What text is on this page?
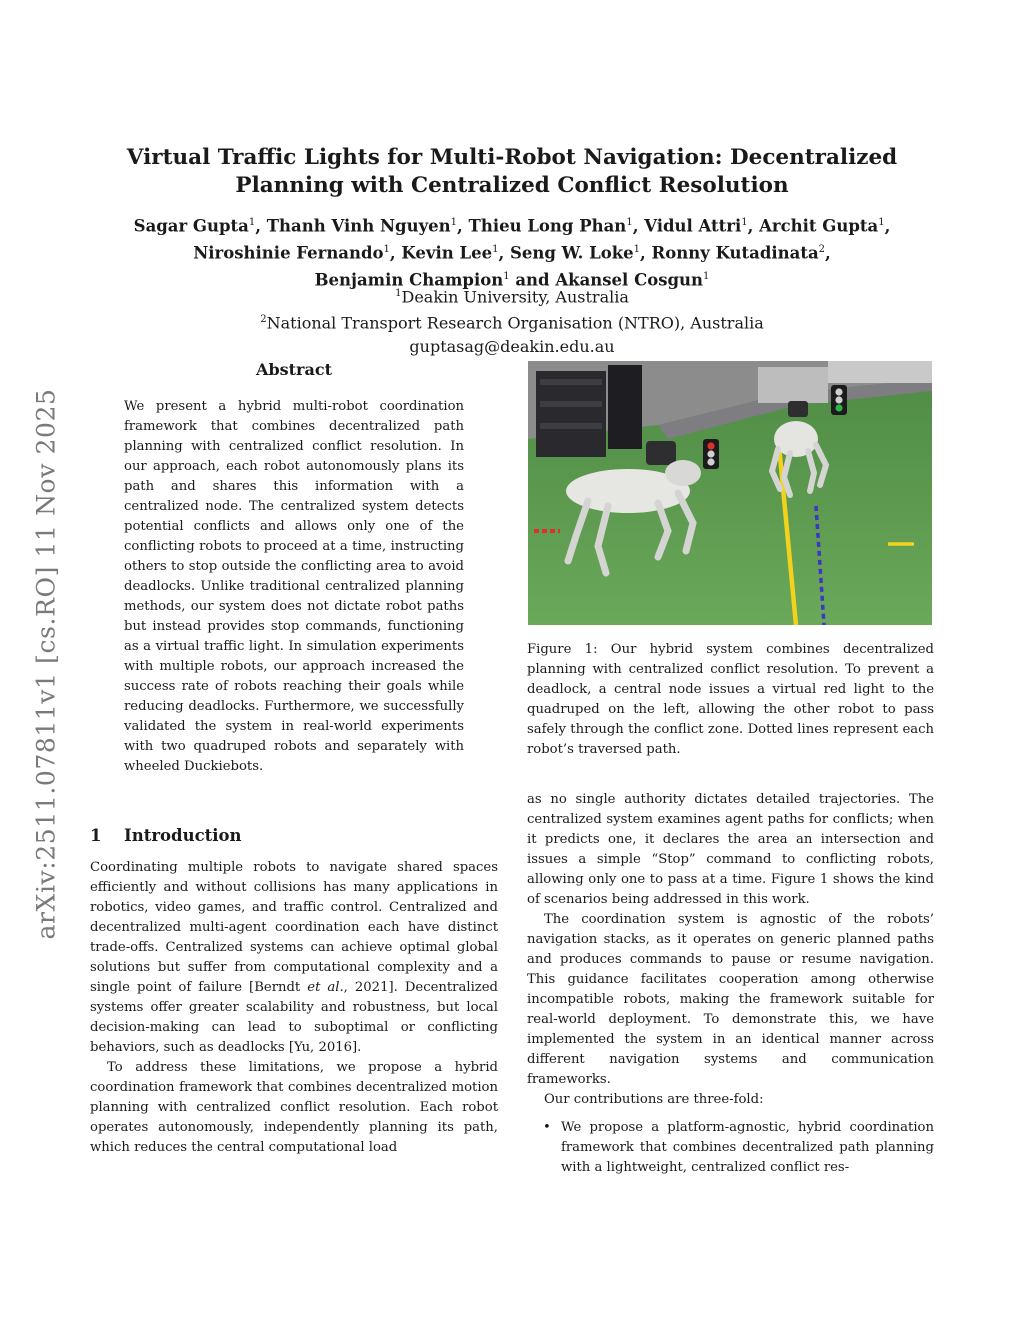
arXiv:2511.07811v1 [cs.RO] 11 Nov 2025
Virtual Traffic Lights for Multi-Robot Navigation: Decentralized
Planning with Centralized Conflict Resolution
Sagar Gupta$^1$, Thanh Vinh Nguyen$^1$, Thieu Long Phan$^1$, Vidul Attri$^1$, Archit Gupta$^1$,
Niroshinie Fernando$^1$, Kevin Lee$^1$, Seng W. Loke$^1$, Ronny Kutadinata$^2$,
Benjamin Champion$^1$ and Akansel Cosgun$^1$
$^1$Deakin University, Australia
$^2$National Transport Research Organisation (NTRO), Australia
guptasag@deakin.edu.au
Abstract
We present a hybrid multi-robot coordination framework that combines decentralized path planning with centralized conflict resolution. In our approach, each robot autonomously plans its path and shares this information with a centralized node. The centralized system detects potential conflicts and allows only one of the conflicting robots to proceed at a time, instructing others to stop outside the conflicting area to avoid deadlocks. Unlike traditional centralized planning methods, our system does not dictate robot paths but instead provides stop commands, functioning as a virtual traffic light. In simulation experiments with multiple robots, our approach increased the success rate of robots reaching their goals while reducing deadlocks. Furthermore, we successfully validated the system in real-world experiments with two quadruped robots and separately with wheeled Duckiebots.
Figure 1: Our hybrid system combines decentralized planning with centralized conflict resolution. To prevent a deadlock, a central node issues a virtual red light to the quadruped on the left, allowing the other robot to pass safely through the conflict zone. Dotted lines represent each robot’s traversed path.
1 Introduction

Coordinating multiple robots to navigate shared spaces efficiently and without collisions has many applications in robotics, video games, and traffic control. Centralized and decentralized multi-agent coordination each have distinct trade-offs. Centralized systems can achieve optimal global solutions but suffer from computational complexity and a single point of failure [Berndt et al., 2021]. Decentralized systems offer greater scalability and robustness, but local decision-making can lead to suboptimal or conflicting behaviors, such as deadlocks [Yu, 2016].

To address these limitations, we propose a hybrid coordination framework that combines decentralized motion planning with centralized conflict resolution. Each robot operates autonomously, independently planning its path, which reduces the central computational load

as no single authority dictates detailed trajectories. The centralized system examines agent paths for conflicts; when it predicts one, it declares the area an intersection and issues a simple “Stop” command to conflicting robots, allowing only one to pass at a time. Figure 1 shows the kind of scenarios being addressed in this work.

The coordination system is agnostic of the robots’ navigation stacks, as it operates on generic planned paths and produces commands to pause or resume navigation. This guidance facilitates cooperation among otherwise incompatible robots, making the framework suitable for real-world deployment. To demonstrate this, we have implemented the system in an identical manner across different navigation systems and communication frameworks.

Our contributions are three-fold:

• We propose a platform-agnostic, hybrid coordination framework that combines decentralized path planning with a lightweight, centralized conflict res-
